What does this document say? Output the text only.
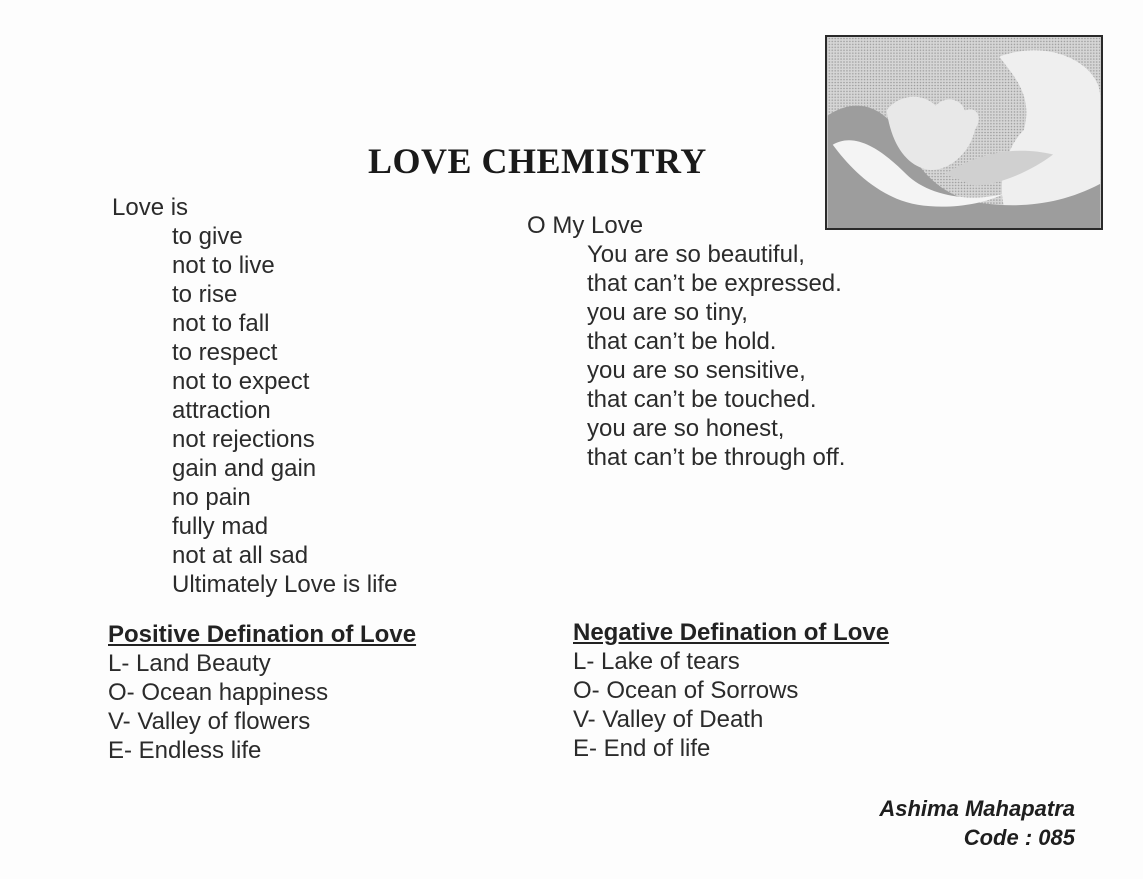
LOVE CHEMISTRY
Love is
to give
not to live
to rise
not to fall
to respect
not to expect
attraction
not rejections
gain and gain
no pain
fully mad
not at all sad
Ultimately Love is life
O My Love
You are so beautiful,
that can’t be expressed.
you are so tiny,
that can’t be hold.
you are so sensitive,
that can’t be touched.
you are so honest,
that can’t be through off.
Positive Defination of Love
L- Land Beauty
O- Ocean happiness
V- Valley of flowers
E- Endless life
Negative Defination of Love
L- Lake of tears
O- Ocean of Sorrows
V- Valley of Death
E- End of life
Ashima Mahapatra
Code : 085
